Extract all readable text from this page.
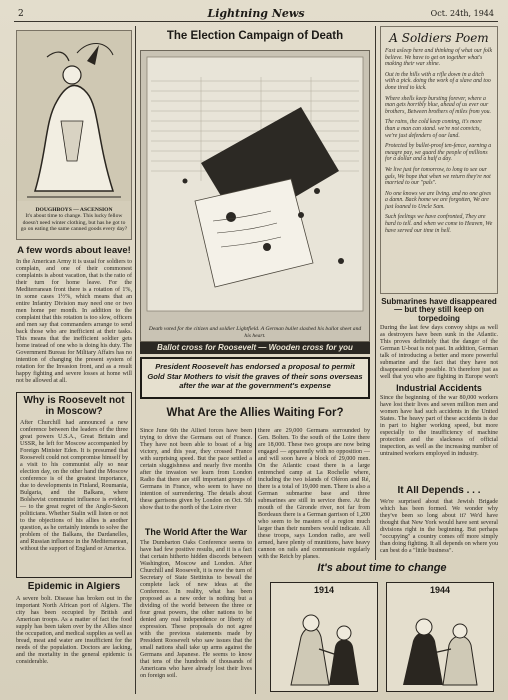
2	Lightning News	Oct. 24th, 1944
DOUGHBOYS — ASCENSION
It's about time to change. This lucky fellow doesn't need winter clothing, but has he got to go on eating the same canned goods every day?
A few words about leave!
In the American Army it is usual for soldiers to complain, and one of their commonest complaints is about vacation, that is the ratio of their turn for home leave. For the Mediterranean front there is a rotation of 1%, in some cases 1½%, which means that an entire Infantry Division may need one or two men home per month. In addition to the complaint that this rotation is too slow, officers and men say that commanders arrange to send back those who are inefficient at their tasks. This means that the inefficient soldier gets home instead of one who is doing his duty. The Government Bureau for Military Affairs has no intention of changing the present system of rotation for the Invasion front, and as a result happy fighting and severe losses at home will not be allowed at all.
Why is Roosevelt not in Moscow?
After Churchill had announced a new conference between the leaders of the three great powers U.S.A., Great Britain and USSR, he left for Moscow accompanied by Foreign Minister Eden. It is presumed that Roosevelt could not compromise himself by a visit to his communist ally so near election day, on the other hand the Moscow conference is of the greatest importance, due to developments in Finland, Roumania, Bulgaria, and the Balkans, where Bolshevist communist influence is evident, — to the great regret of the Anglo-Saxon politicians. Whether Stalin will listen or not to the objections of his allies is another question, as he certainly intends to solve the problem of the Balkans, the Dardanelles, and Russian influence in the Mediterranean, without the support of England or America.
Epidemic in Algiers
A severe bolt. Disease has broken out in the important North African port of Algiers. The city has been occupied by British and American troops. As a matter of fact the food supply has been taken over by the Allies since the occupation, and medical supplies as well as bread, meat and water are insufficient for the needs of the population. Doctors are lacking, and the mortality in the general epidemic is considerable.
The Election Campaign of Death
Death voted for the citizen and soldier Lightfield. A German bullet slashed his ballot sheet and his heart.
Ballot cross for Roosevelt — Wooden cross for you
President Roosevelt has endorsed a proposal to permit Gold Star Mothers to visit the graves of their sons overseas after the war at the government's expense
What Are the Allies Waiting For?
Since June 6th the Allied forces have been trying to drive the Germans out of France. They have not been able to boast of a big victory, and this year, they crossed France with surprising speed. But the pace settled a certain sluggishness and nearly five months after the invasion we learn from London Radio that there are still important groups of Germans in France, who seem to have no intention of surrendering. The details about these garrisons given by London on Oct. 5th show that to the north of the Loire river
there are 29,000 Germans surrounded by Gen. Bolten. To the south of the Loire there are 18,000. These two groups are now being engaged — apparently with no opposition — and will soon have a block of 29,000 men. On the Atlantic coast there is a large entrenched camp at La Rochelle where, including the two islands of Oléron and Ré, there is a total of 19,000 men. There is also a German submarine base and three submarines are still in service there. At the mouth of the Gironde river, not far from Bordeaux there is a German garrison of 1,200 who seem to be masters of a region much larger than their numbers would indicate. All these troops, says London radio, are well armed, have plenty of munitions, have heavy cannon on rails and communicate regularly with the Reich by planes.
The World After the War
The Dumbarton Oaks Conference seems to have had few positive results, and it is a fact that certain hitherto hidden discords between Washington, Moscow and London. After Churchill and Roosevelt, it is now the turn of Secretary of State Stettinius to bewail the complete lack of new ideas at the Conference. In reality, what has been proposed as a new order is nothing but a dividing of the world between the three or four great powers, the other nations to be denied any real independence or liberty of expression. These proposals do not agree with the previous statements made by President Roosevelt who saw issues that the small nations shall take up arms against the Germans and Japanese. He seems to know that tens of the hundreds of thousands of Americans who have already lost their lives on foreign soil.
A Soldiers Poem

Fast asleep here and thinking of what our folk believe. We have to get on together what's making their war shine.

Out in the hills with a rifle down in a ditch with a pick. doing the work of a slave and too done tired to kick.

Where shells keep bursting forever, where a man gets horribly blue, ahead of us ever our brothers, Between brothers of miles from you.

The rains, the cold keep coming, it's more than a man can stand. we're not convicts, we're just defenders of our land.

Protected by bullet-proof ten-fence, earning a meagre pay, we guard the people of millions for a dollar and a half a day.

We live just for tomorrow, to long to see our gals, We hope that when we return they're not married to our "pals".

No one knows we are living. and no one gives a damn. Back home we are forgotten, We are just loaned to Uncle Sam.

Such feelings we have confronted, They are hard to tell. and when we come to Heaven, We have served our time in hell.

Submarines have disappeared — but they still keep on torpedoing
During the last few days convoy ships as well as destroyers have been sunk in the Atlantic. This proves definitely that the danger of the German U-boat is not past. In addition, German talk of introducing a better and more powerful submarine and the fact that they have not disappeared quite possible. It's therefore just as well that you who are fighting in Europe won't
Industrial Accidents
Since the beginning of the war 80,000 workers have lost their lives and seven million men and women have had such accidents in the United States. The heavy part of these accidents is due in part to higher working speed, but more especially to the insufficiency of machine protection and the slackness of official inspection, as well as the increasing number of untrained workers employed in industry.
It All Depends . . .
We're surprised about that Jewish Brigade which has been formed. We wonder why they've been so long about it? We'd have thought that New York would have sent several divisions right in the beginning. But perhaps "occupying" a country comes off more simply than doing fighting. It all depends on where you can best do a "little business".
It's about time to change
1914	1944
